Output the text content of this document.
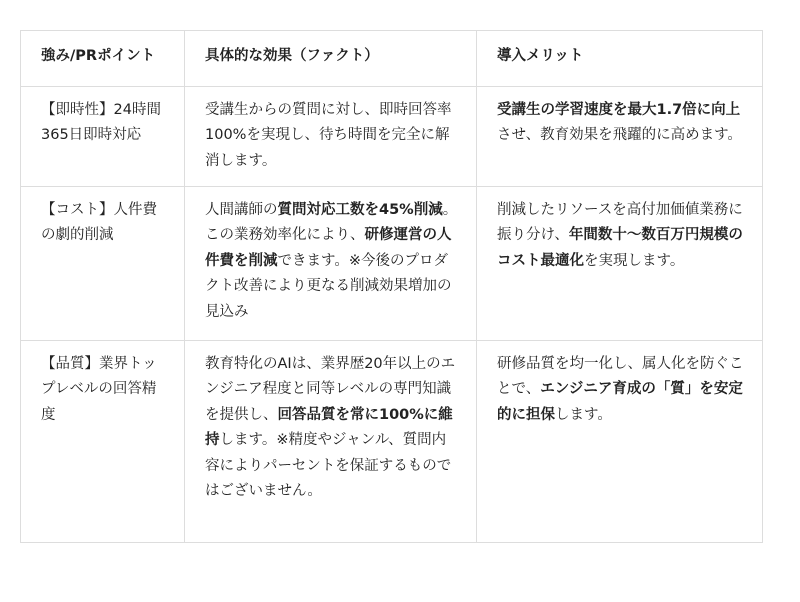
強み/PRポイント	具体的な効果（ファクト）	導入メリット
【即時性】24時間365日即時対応	受講生からの質問に対し、即時回答率100%を実現し、待ち時間を完全に解消します。	受講生の学習速度を最大1.7倍に向上させ、教育効果を飛躍的に高めます。
【コスト】人件費の劇的削減	人間講師の質問対応工数を45%削減。この業務効率化により、研修運営の人件費を削減できます。※今後のプロダクト改善により更なる削減効果増加の見込み	削減したリソースを高付加価値業務に振り分け、年間数十〜数百万円規模のコスト最適化を実現します。
【品質】業界トップレベルの回答精度	教育特化のAIは、業界歴20年以上のエンジニア程度と同等レベルの専門知識を提供し、回答品質を常に100%に維持します。※精度やジャンル、質問内容によりパーセントを保証するものではございません。	研修品質を均一化し、属人化を防ぐことで、エンジニア育成の「質」を安定的に担保します。
